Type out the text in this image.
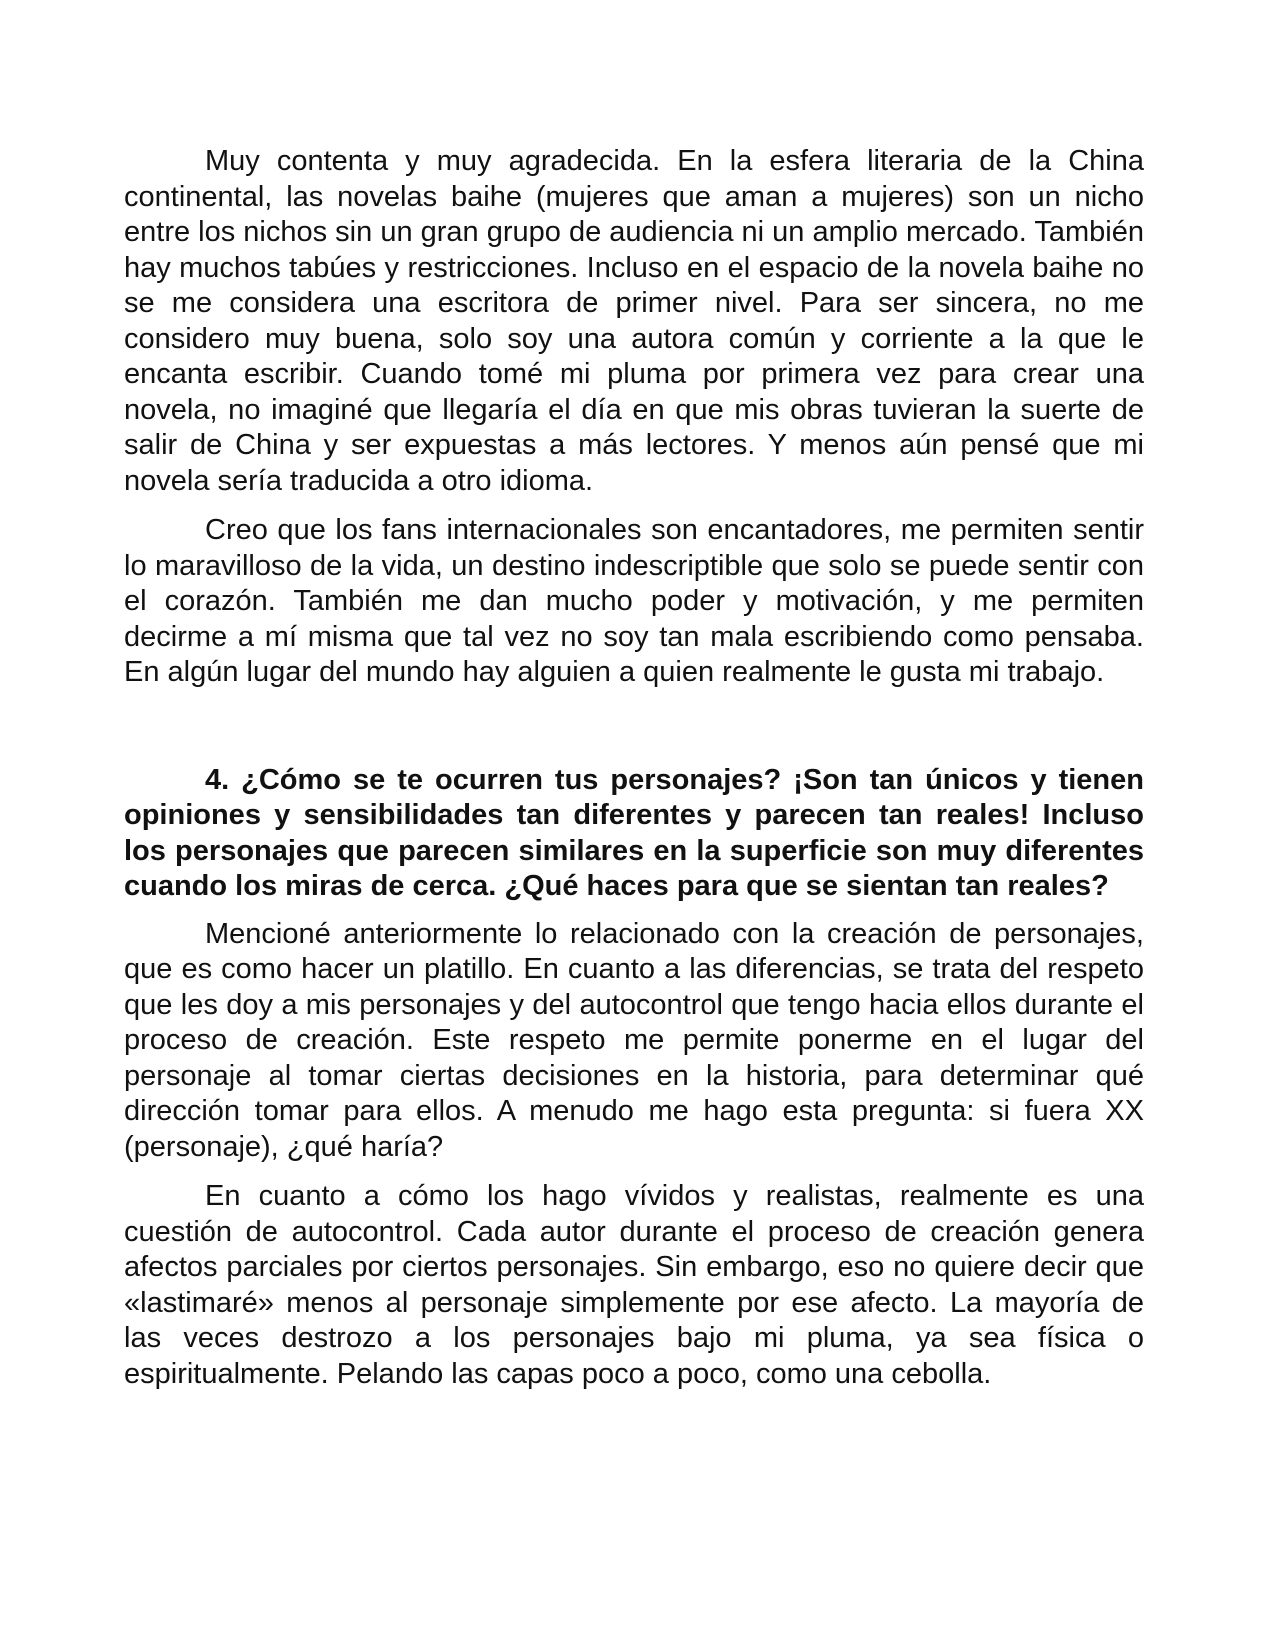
Muy contenta y muy agradecida. En la esfera literaria de la China continental, las novelas baihe (mujeres que aman a mujeres) son un nicho entre los nichos sin un gran grupo de audiencia ni un amplio mercado. También hay muchos tabúes y restricciones. Incluso en el espacio de la novela baihe no se me considera una escritora de primer nivel. Para ser sincera, no me considero muy buena, solo soy una autora común y corriente a la que le encanta escribir. Cuando tomé mi pluma por primera vez para crear una novela, no imaginé que llegaría el día en que mis obras tuvieran la suerte de salir de China y ser expuestas a más lectores. Y menos aún pensé que mi novela sería traducida a otro idioma.

Creo que los fans internacionales son encantadores, me permiten sentir lo maravilloso de la vida, un destino indescriptible que solo se puede sentir con el corazón. También me dan mucho poder y motivación, y me permiten decirme a mí misma que tal vez no soy tan mala escribiendo como pensaba. En algún lugar del mundo hay alguien a quien realmente le gusta mi trabajo.

4. ¿Cómo se te ocurren tus personajes? ¡Son tan únicos y tienen opiniones y sensibilidades tan diferentes y parecen tan reales! Incluso los personajes que parecen similares en la superficie son muy diferentes cuando los miras de cerca. ¿Qué haces para que se sientan tan reales?

Mencioné anteriormente lo relacionado con la creación de personajes, que es como hacer un platillo. En cuanto a las diferencias, se trata del respeto que les doy a mis personajes y del autocontrol que tengo hacia ellos durante el proceso de creación. Este respeto me permite ponerme en el lugar del personaje al tomar ciertas decisiones en la historia, para determinar qué dirección tomar para ellos. A menudo me hago esta pregunta: si fuera XX (personaje), ¿qué haría?

En cuanto a cómo los hago vívidos y realistas, realmente es una cuestión de autocontrol. Cada autor durante el proceso de creación genera afectos parciales por ciertos personajes. Sin embargo, eso no quiere decir que «lastimaré» menos al personaje simplemente por ese afecto. La mayoría de las veces destrozo a los personajes bajo mi pluma, ya sea física o espiritualmente. Pelando las capas poco a poco, como una cebolla.
